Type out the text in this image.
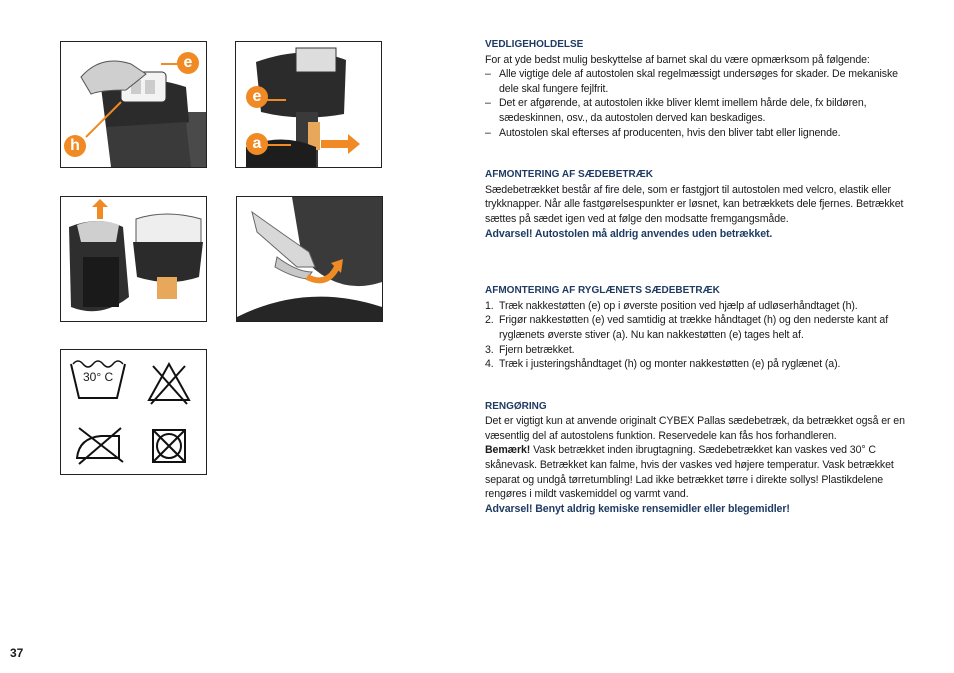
e
h
e
a
30° C
VEDLIGEHOLDELSE
For at yde bedst mulig beskyttelse af barnet skal du være opmærksom på følgende:
– Alle vigtige dele af autostolen skal regelmæssigt undersøges for skader. De mekaniske dele skal fungere fejlfrit.
– Det er afgørende, at autostolen ikke bliver klemt imellem hårde dele, fx bildøren, sædeskinnen, osv., da autostolen derved kan beskadiges.
– Autostolen skal efterses af producenten, hvis den bliver tabt eller lignende.
AFMONTERING AF SÆDEBETRÆK
Sædebetrækket består af fire dele, som er fastgjort til autostolen med velcro, elastik eller trykknapper. Når alle fastgørelsespunkter er løsnet, kan betrækkets dele fjernes. Betrækket sættes på sædet igen ved at følge den modsatte fremgangsmåde.
Advarsel! Autostolen må aldrig anvendes uden betrækket.
AFMONTERING AF RYGLÆNETS SÆDEBETRÆK
1. Træk nakkestøtten (e) op i øverste position ved hjælp af udløserhåndtaget (h).
2. Frigør nakkestøtten (e) ved samtidig at trække håndtaget (h) og den nederste kant af ryglænets øverste stiver (a). Nu kan nakkestøtten (e) tages helt af.
3. Fjern betrækket.
4. Træk i justeringshåndtaget (h) og monter nakkestøtten (e) på ryglænet (a).
RENGØRING
Det er vigtigt kun at anvende originalt CYBEX Pallas sædebetræk, da betrækket også er en væsentlig del af autostolens funktion. Reservedele kan fås hos forhandleren.
Bemærk! Vask betrækket inden ibrugtagning. Sædebetrækket kan vaskes ved 30° C skånevask. Betrækket kan falme, hvis der vaskes ved højere temperatur. Vask betrækket separat og undgå tørretumbling! Lad ikke betrækket tørre i direkte sollys! Plastikdelene rengøres i mildt vaskemiddel og varmt vand.
Advarsel! Benyt aldrig kemiske rensemidler eller blegemidler!
37
